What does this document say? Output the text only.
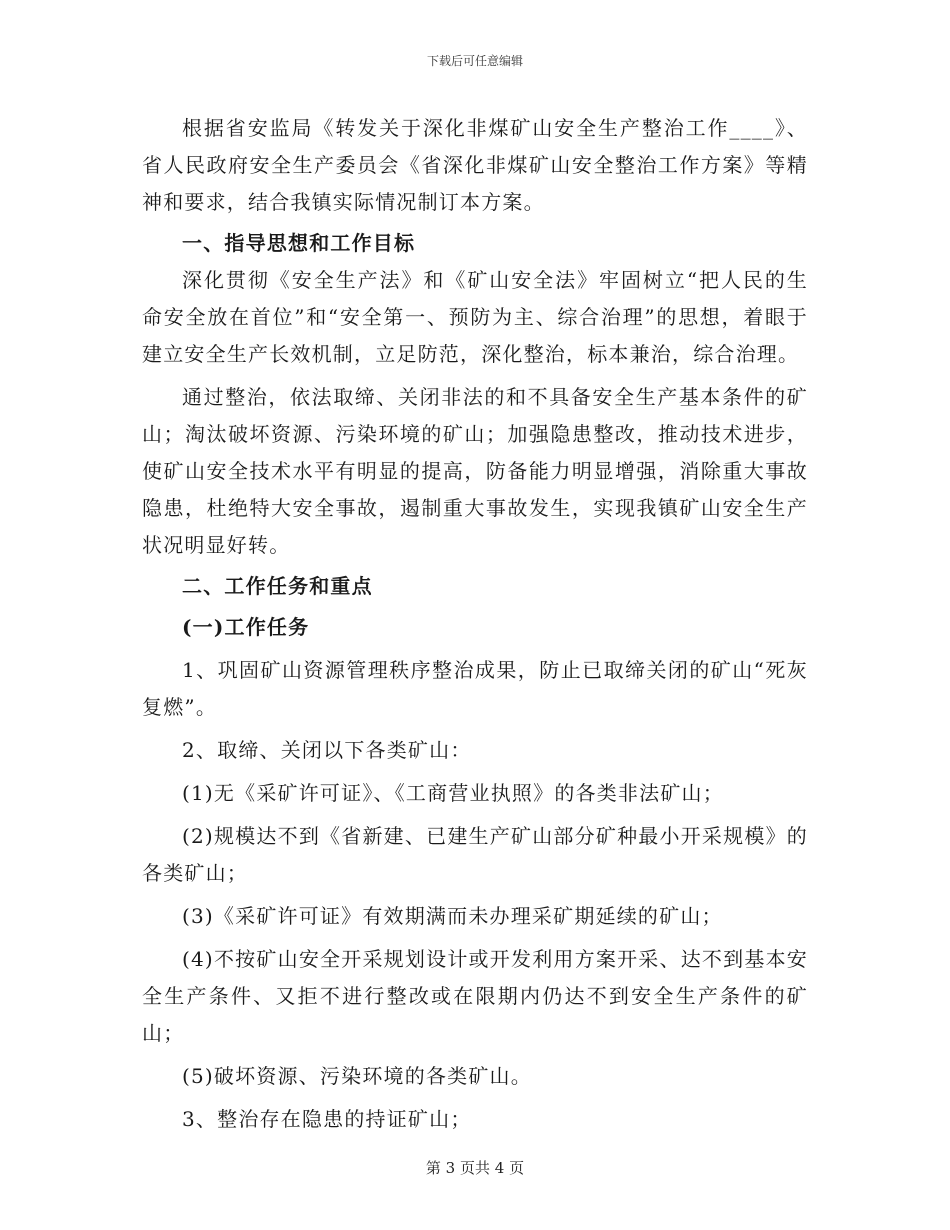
下载后可任意编辑

根据省安监局《转发关于深化非煤矿山安全生产整治工作____》、省人民政府安全生产委员会《省深化非煤矿山安全整治工作方案》等精神和要求，结合我镇实际情况制订本方案。

一、指导思想和工作目标

深化贯彻《安全生产法》和《矿山安全法》牢固树立“把人民的生命安全放在首位”和“安全第一、预防为主、综合治理”的思想，着眼于建立安全生产长效机制，立足防范，深化整治，标本兼治，综合治理。

通过整治，依法取缔、关闭非法的和不具备安全生产基本条件的矿山；淘汰破坏资源、污染环境的矿山；加强隐患整改，推动技术进步，使矿山安全技术水平有明显的提高，防备能力明显增强，消除重大事故隐患，杜绝特大安全事故，遏制重大事故发生，实现我镇矿山安全生产状况明显好转。

二、工作任务和重点

(一)工作任务

1、巩固矿山资源管理秩序整治成果，防止已取缔关闭的矿山“死灰复燃”。

2、取缔、关闭以下各类矿山：

(1)无《采矿许可证》、《工商营业执照》的各类非法矿山；

(2)规模达不到《省新建、已建生产矿山部分矿种最小开采规模》的各类矿山；

(3)《采矿许可证》有效期满而未办理采矿期延续的矿山；

(4)不按矿山安全开采规划设计或开发利用方案开采、达不到基本安全生产条件、又拒不进行整改或在限期内仍达不到安全生产条件的矿山；

(5)破坏资源、污染环境的各类矿山。

3、整治存在隐患的持证矿山；

第 3 页共 4 页
